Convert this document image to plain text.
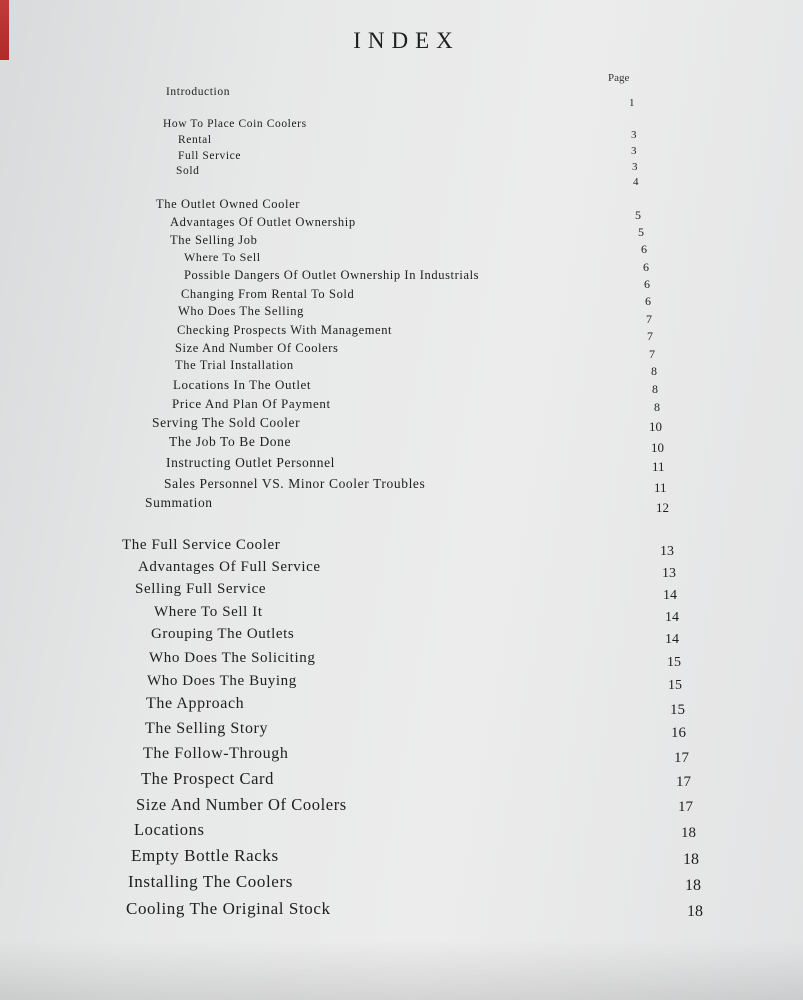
INDEX
Page
Introduction
How To Place Coin Coolers
Rental
Full Service
Sold
The Outlet Owned Cooler
Advantages Of Outlet Ownership
The Selling Job
Where To Sell
Possible Dangers Of Outlet Ownership In Industrials
Changing From Rental To Sold
Who Does The Selling
Checking Prospects With Management
Size And Number Of Coolers
The Trial Installation
Locations In The Outlet
Price And Plan Of Payment
Serving The Sold Cooler
The Job To Be Done
Instructing Outlet Personnel
Sales Personnel VS. Minor Cooler Troubles
Summation
The Full Service Cooler
Advantages Of Full Service
Selling Full Service
Where To Sell It
Grouping The Outlets
Who Does The Soliciting
Who Does The Buying
The Approach
The Selling Story
The Follow-Through
The Prospect Card
Size And Number Of Coolers
Locations
Empty Bottle Racks
Installing The Coolers
Cooling The Original Stock
1
3
3
3
4
5
5
6
6
6
6
7
7
7
8
8
8
10
10
11
11
12
13
13
14
14
14
15
15
15
16
17
17
17
18
18
18
18
